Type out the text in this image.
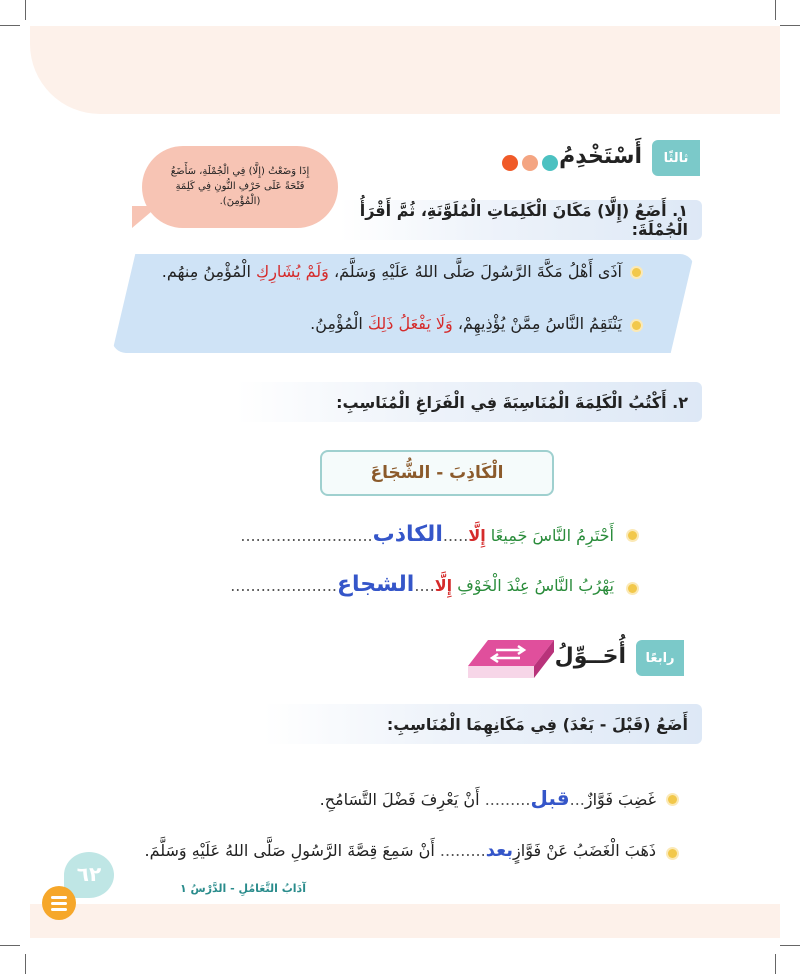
ثالثًا
أَسْتَخْدِمُ
إِذَا وَضَعْتُ (إِلَّا) فِي الْجُمْلَةِ، سَأَضَعُ فَتْحَةً عَلَى حَرْفِ النُّونِ فِي كَلِمَةِ (الْمُؤْمِنَ).	١. أَضَعُ (إِلَّا) مَكَانَ الْكَلِمَاتِ الْمُلَوَّنَةِ، ثُمَّ أَقْرَأُ الْجُمْلَةَ:
آذَى أَهْلُ مَكَّةَ الرَّسُولَ صَلَّى اللهُ عَلَيْهِ وَسَلَّمَ، وَلَمْ يُشَارِكِ الْمُؤْمِنُ مِنهُم.
يَنْتَقِمُ النَّاسُ مِمَّنْ يُؤْذِيهِمْ، وَلَا يَفْعَلُ ذَلِكَ الْمُؤْمِنُ.
٢. أَكْتُبُ الْكَلِمَةَ الْمُنَاسِبَةَ فِي الْفَرَاغِ الْمُنَاسِبِ:
الْكَاذِبَ - الشُّجَاعَ
أَحْتَرِمُ النَّاسَ جَمِيعًا إِلَّا.....الكاذب..........................
يَهْرُبُ النَّاسُ عِنْدَ الْخَوْفِ إِلَّا....الشجاع.....................
رابعًا
أُحَــوِّلُ
أَضَعُ (قَبْلَ - بَعْدَ) فِي مَكَانِهِمَا الْمُنَاسِبِ:
غَضِبَ فَوَّازٌ...قبل......... أَنْ يَعْرِفَ فَضْلَ التَّسَامُحِ.
ذَهَبَ الْغَضَبُ عَنْ فَوَّازٍبعد......... أَنْ سَمِعَ قِصَّةَ الرَّسُولِ صَلَّى اللهُ عَلَيْهِ وَسَلَّمَ.
٦٢
آدَابُ التَّعَامُلِ - الدَّرْسُ ١
